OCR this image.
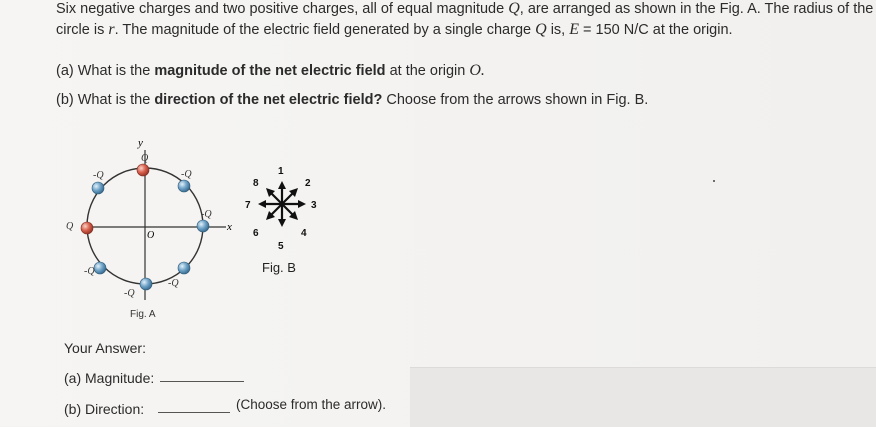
Six negative charges and two positive charges, all of equal magnitude Q, are arranged as shown in the Fig. A. The radius of the
circle is r. The magnitude of the electric field generated by a single charge Q is, E = 150 N/C at the origin.
(a) What is the magnitude of the net electric field at the origin O.
(b) What is the direction of the net electric field? Choose from the arrows shown in Fig. B.
y
x
O
Q
-Q	-Q
-Q
Q
-Q
-Q
-Q
Fig. A
1
2
3
4
5
6
7
8
Fig. B
Your Answer:
(a) Magnitude:
(b) Direction:	(Choose from the arrow).
